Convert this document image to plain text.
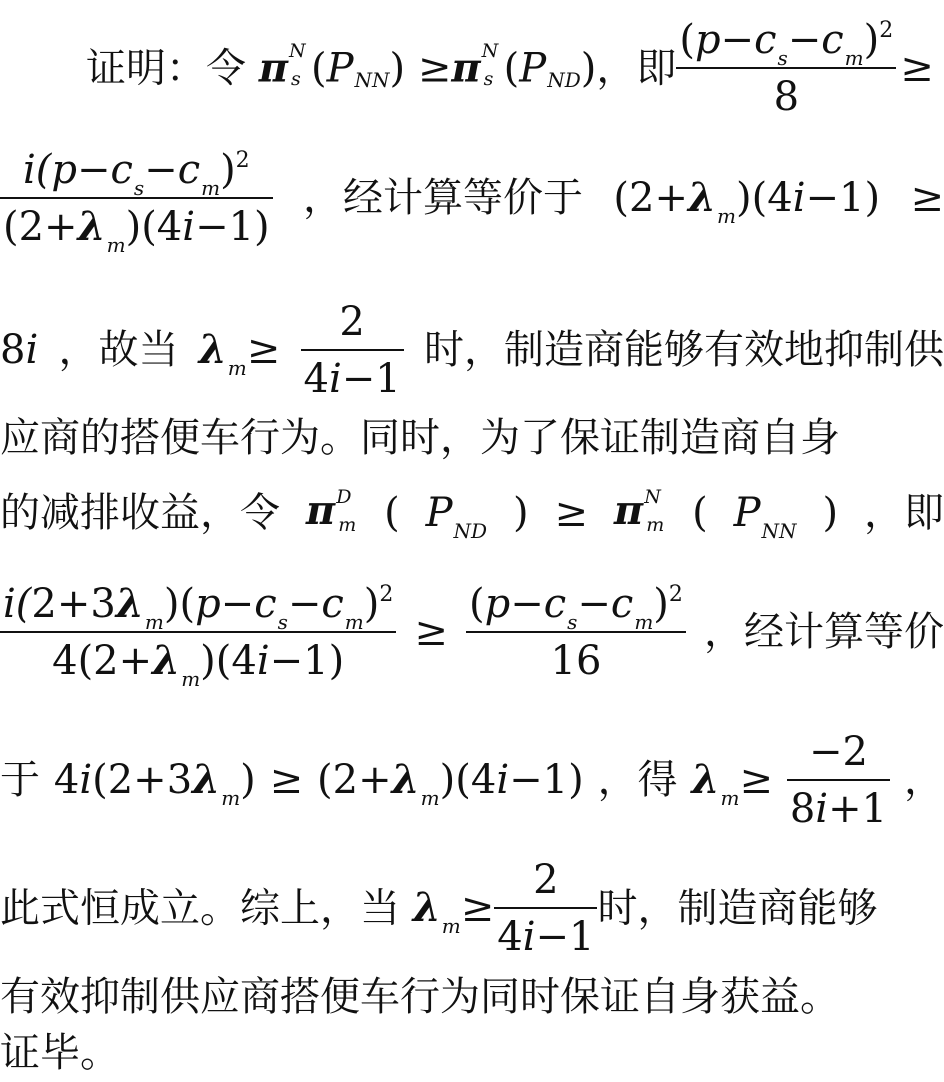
证明：令 π N
s $(P_{NN}) \ge\pi$ N
s $(P_{ND})$，即 $\frac{(p-c_s-c_m)^2}{8}$ ≥
$\frac{i(p-c_s-c_m)^2}{(2+\lambda_m)(4i-1)}$ ，经计算等价于 $(2+\lambda_m)(4i-1)$ ≥
8i ，故当 $\lambda_m\ge \frac{2}{4i-1}$ 时，制造商能够有效地抑制供
应商的搭便车行为。同时，为了保证制造商自身
的减排收益，令 π D
m ( $P_{ND}$ ) ≥ π N
m ( $P_{NN}$ ) ，即
$\frac{i(2+3\lambda_m)(p-c_s-c_m)^2}{4(2+\lambda_m)(4i-1)} \ge \frac{(p-c_s-c_m)^2}{16}$ ，经计算等价
于 $4i(2+3\lambda_m) \ge (2+\lambda_m)(4i-1)$ ，得 $\lambda_m\ge \frac{-2}{8i+1}$ ，
此式恒成立。综上，当 $\lambda_m\ge \frac{2}{4i-1}$ 时，制造商能够
有效抑制供应商搭便车行为同时保证自身获益。
证毕。
